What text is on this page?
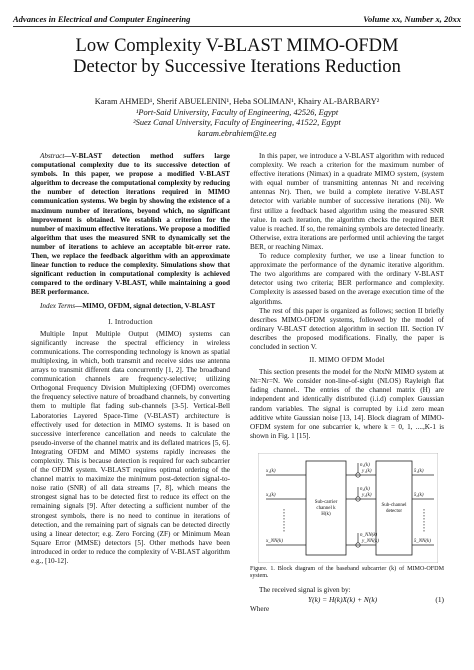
Advances in Electrical and Computer Engineering	Volume xx, Number x, 20xx
Low Complexity V-BLAST MIMO-OFDM
Detector by Successive Iterations Reduction
Karam AHMED¹, Sherif ABUELENIN¹, Heba SOLIMAN¹, Khairy AL-BARBARY²
¹Port-Said University, Faculty of Engineering, 42526, Egypt
²Suez Canal University, Faculty of Engineering, 41522, Egypt
karam.ebrahiem@te.eg

Abstract—V-BLAST detection method suffers large computational complexity due to its successive detection of symbols. In this paper, we propose a modified V-BLAST algorithm to decrease the computational complexity by reducing the number of detection iterations required in MIMO communication systems. We begin by showing the existence of a maximum number of iterations, beyond which, no significant improvement is obtained. We establish a criterion for the number of maximum effective iterations. We propose a modified algorithm that uses the measured SNR to dynamically set the number of iterations to achieve an acceptable bit-error rate. Then, we replace the feedback algorithm with an approximate linear function to reduce the complexity. Simulations show that significant reduction in computational complexity is achieved compared to the ordinary V-BLAST, while maintaining a good BER performance.

Index Terms—MIMO, OFDM, signal detection, V-BLAST

I. Introduction

Multiple Input Multiple Output (MIMO) systems can significantly increase the spectral efficiency in wireless communications. The corresponding technology is known as spatial multiplexing, in which, both transmit and receive sides use antenna arrays to transmit different data concurrently [1, 2]. The broadband communication channels are frequency-selective; utilizing Orthogonal Frequency Division Multiplexing (OFDM) overcomes the frequency selective nature of broadband channels, by converting them to multiple flat fading sub-channels [3-5]. Vertical-Bell Laboratories Layered Space-Time (V-BLAST) architecture is effectively used for detection in MIMO systems. It is based on successive interference cancellation and needs to calculate the pseudo-inverse of the channel matrix and its deflated matrices [5, 6]. Integrating OFDM and MIMO systems rapidly increases the complexity. This is because detection is required for each subcarrier of the OFDM system. V-BLAST requires optimal ordering of the channel matrix to maximize the minimum post-detection signal-to-noise ratio (SNR) of all data streams [7, 8], which means the strongest signal has to be detected first to reduce its effect on the remaining signals [9]. After detecting a sufficient number of the strongest symbols, there is no need to continue in iterations of detection, and the remaining part of signals can be detected directly using a linear detector; e.g. Zero Forcing (ZF) or Minimum Mean Square Error (MMSE) detectors [5]. Other methods have been introduced in order to reduce the complexity of V-BLAST algorithm e.g., [10-12].

In this paper, we introduce a V-BLAST algorithm with reduced complexity. We reach a criterion for the maximum number of effective iterations (Nimax) in a quadrate MIMO system, (system with equal number of transmitting antennas Nt and receiving antennas Nr). Then, we build a complete iterative V-BLAST detector with variable number of successive iterations (Ni). We first utilize a feedback based algorithm using the measured SNR value. In each iteration, the algorithm checks the required BER value is reached. If so, the remaining symbols are detected linearly. Otherwise, extra iterations are performed until achieving the target BER, or reaching Nimax.

To reduce complexity further, we use a linear function to approximate the performance of the dynamic iterative algorithm. The two algorithms are compared with the ordinary V-BLAST detector using two criteria; BER performance and complexity. Complexity is assessed based on the average execution time of the algorithms.

The rest of this paper is organized as follows; section II briefly describes MIMO-OFDM systems, followed by the model of ordinary V-BLAST detection algorithm in section III. Section IV describes the proposed modifications. Finally, the paper is concluded in section V.

II. MIMO OFDM Model

This section presents the model for the NtxNr MIMO system at Nt=Nr=N. We consider non-line-of-sight (NLOS) Rayleigh flat fading channel.. The entries of the channel matrix (H) are independent and identically distributed (i.i.d) complex Gaussian random variables. The signal is corrupted by i.i.d zero mean additive white Gaussian noise [13, 14]. Block diagram of MIMO-OFDM system for one subcarrier k, where k = 0, 1, ....,K-1 is shown in Fig. 1 [15].

Sub-carrier
channel k
H(k)
Sub-channel
detector
x₁(k)
x₂(k)
x_NN(k)
y₁(k)
y₂(k)
y_NN(k)
n₁(k)
n₂(k)
n_NN(k)
x̂₁(k)
x̂₂(k)
x̂_NN(k)
Figure. 1. Block diagram of the baseband subcarrier (k) of MIMO-OFDM system.

The received signal is given by:

Y(k) = H(k)X(k) + N(k)	(1)

Where
